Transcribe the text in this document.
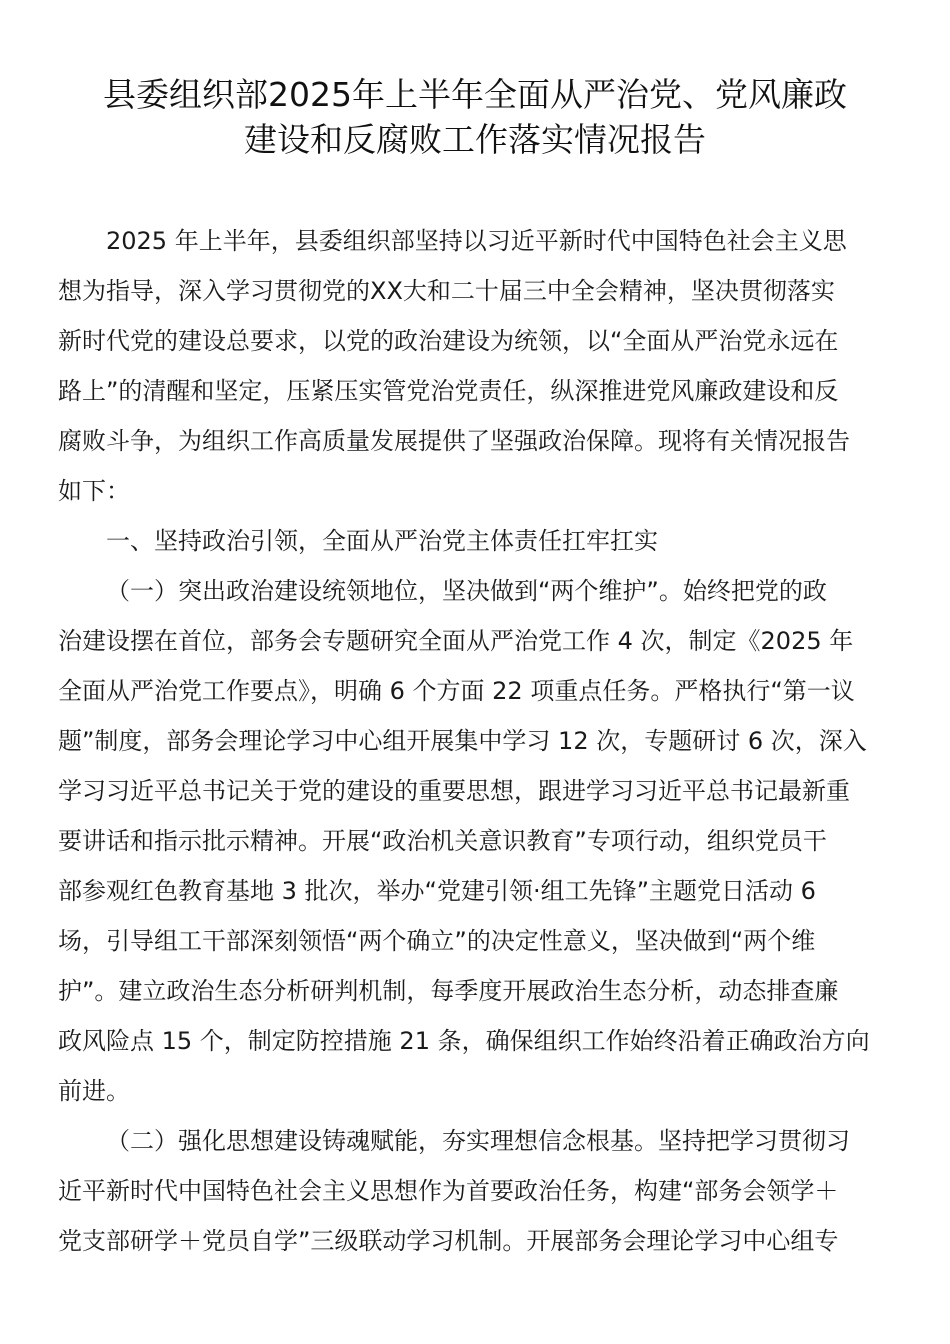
县委组织部2025年上半年全面从严治党、党风廉政
建设和反腐败工作落实情况报告

2025 年上半年，县委组织部坚持以习近平新时代中国特色社会主义思
想为指导，深入学习贯彻党的XX大和二十届三中全会精神，坚决贯彻落实
新时代党的建设总要求，以党的政治建设为统领，以“全面从严治党永远在
路上”的清醒和坚定，压紧压实管党治党责任，纵深推进党风廉政建设和反
腐败斗争，为组织工作高质量发展提供了坚强政治保障。现将有关情况报告
如下：

一、坚持政治引领，全面从严治党主体责任扛牢扛实

（一）突出政治建设统领地位，坚决做到“两个维护”。始终把党的政
治建设摆在首位，部务会专题研究全面从严治党工作 4 次，制定《2025 年
全面从严治党工作要点》，明确 6 个方面 22 项重点任务。严格执行“第一议
题”制度，部务会理论学习中心组开展集中学习 12 次，专题研讨 6 次，深入
学习习近平总书记关于党的建设的重要思想，跟进学习习近平总书记最新重
要讲话和指示批示精神。开展“政治机关意识教育”专项行动，组织党员干
部参观红色教育基地 3 批次，举办“党建引领·组工先锋”主题党日活动 6
场，引导组工干部深刻领悟“两个确立”的决定性意义，坚决做到“两个维
护”。建立政治生态分析研判机制，每季度开展政治生态分析，动态排查廉
政风险点 15 个，制定防控措施 21 条，确保组织工作始终沿着正确政治方向
前进。

（二）强化思想建设铸魂赋能，夯实理想信念根基。坚持把学习贯彻习
近平新时代中国特色社会主义思想作为首要政治任务，构建“部务会领学＋
党支部研学＋党员自学”三级联动学习机制。开展部务会理论学习中心组专
